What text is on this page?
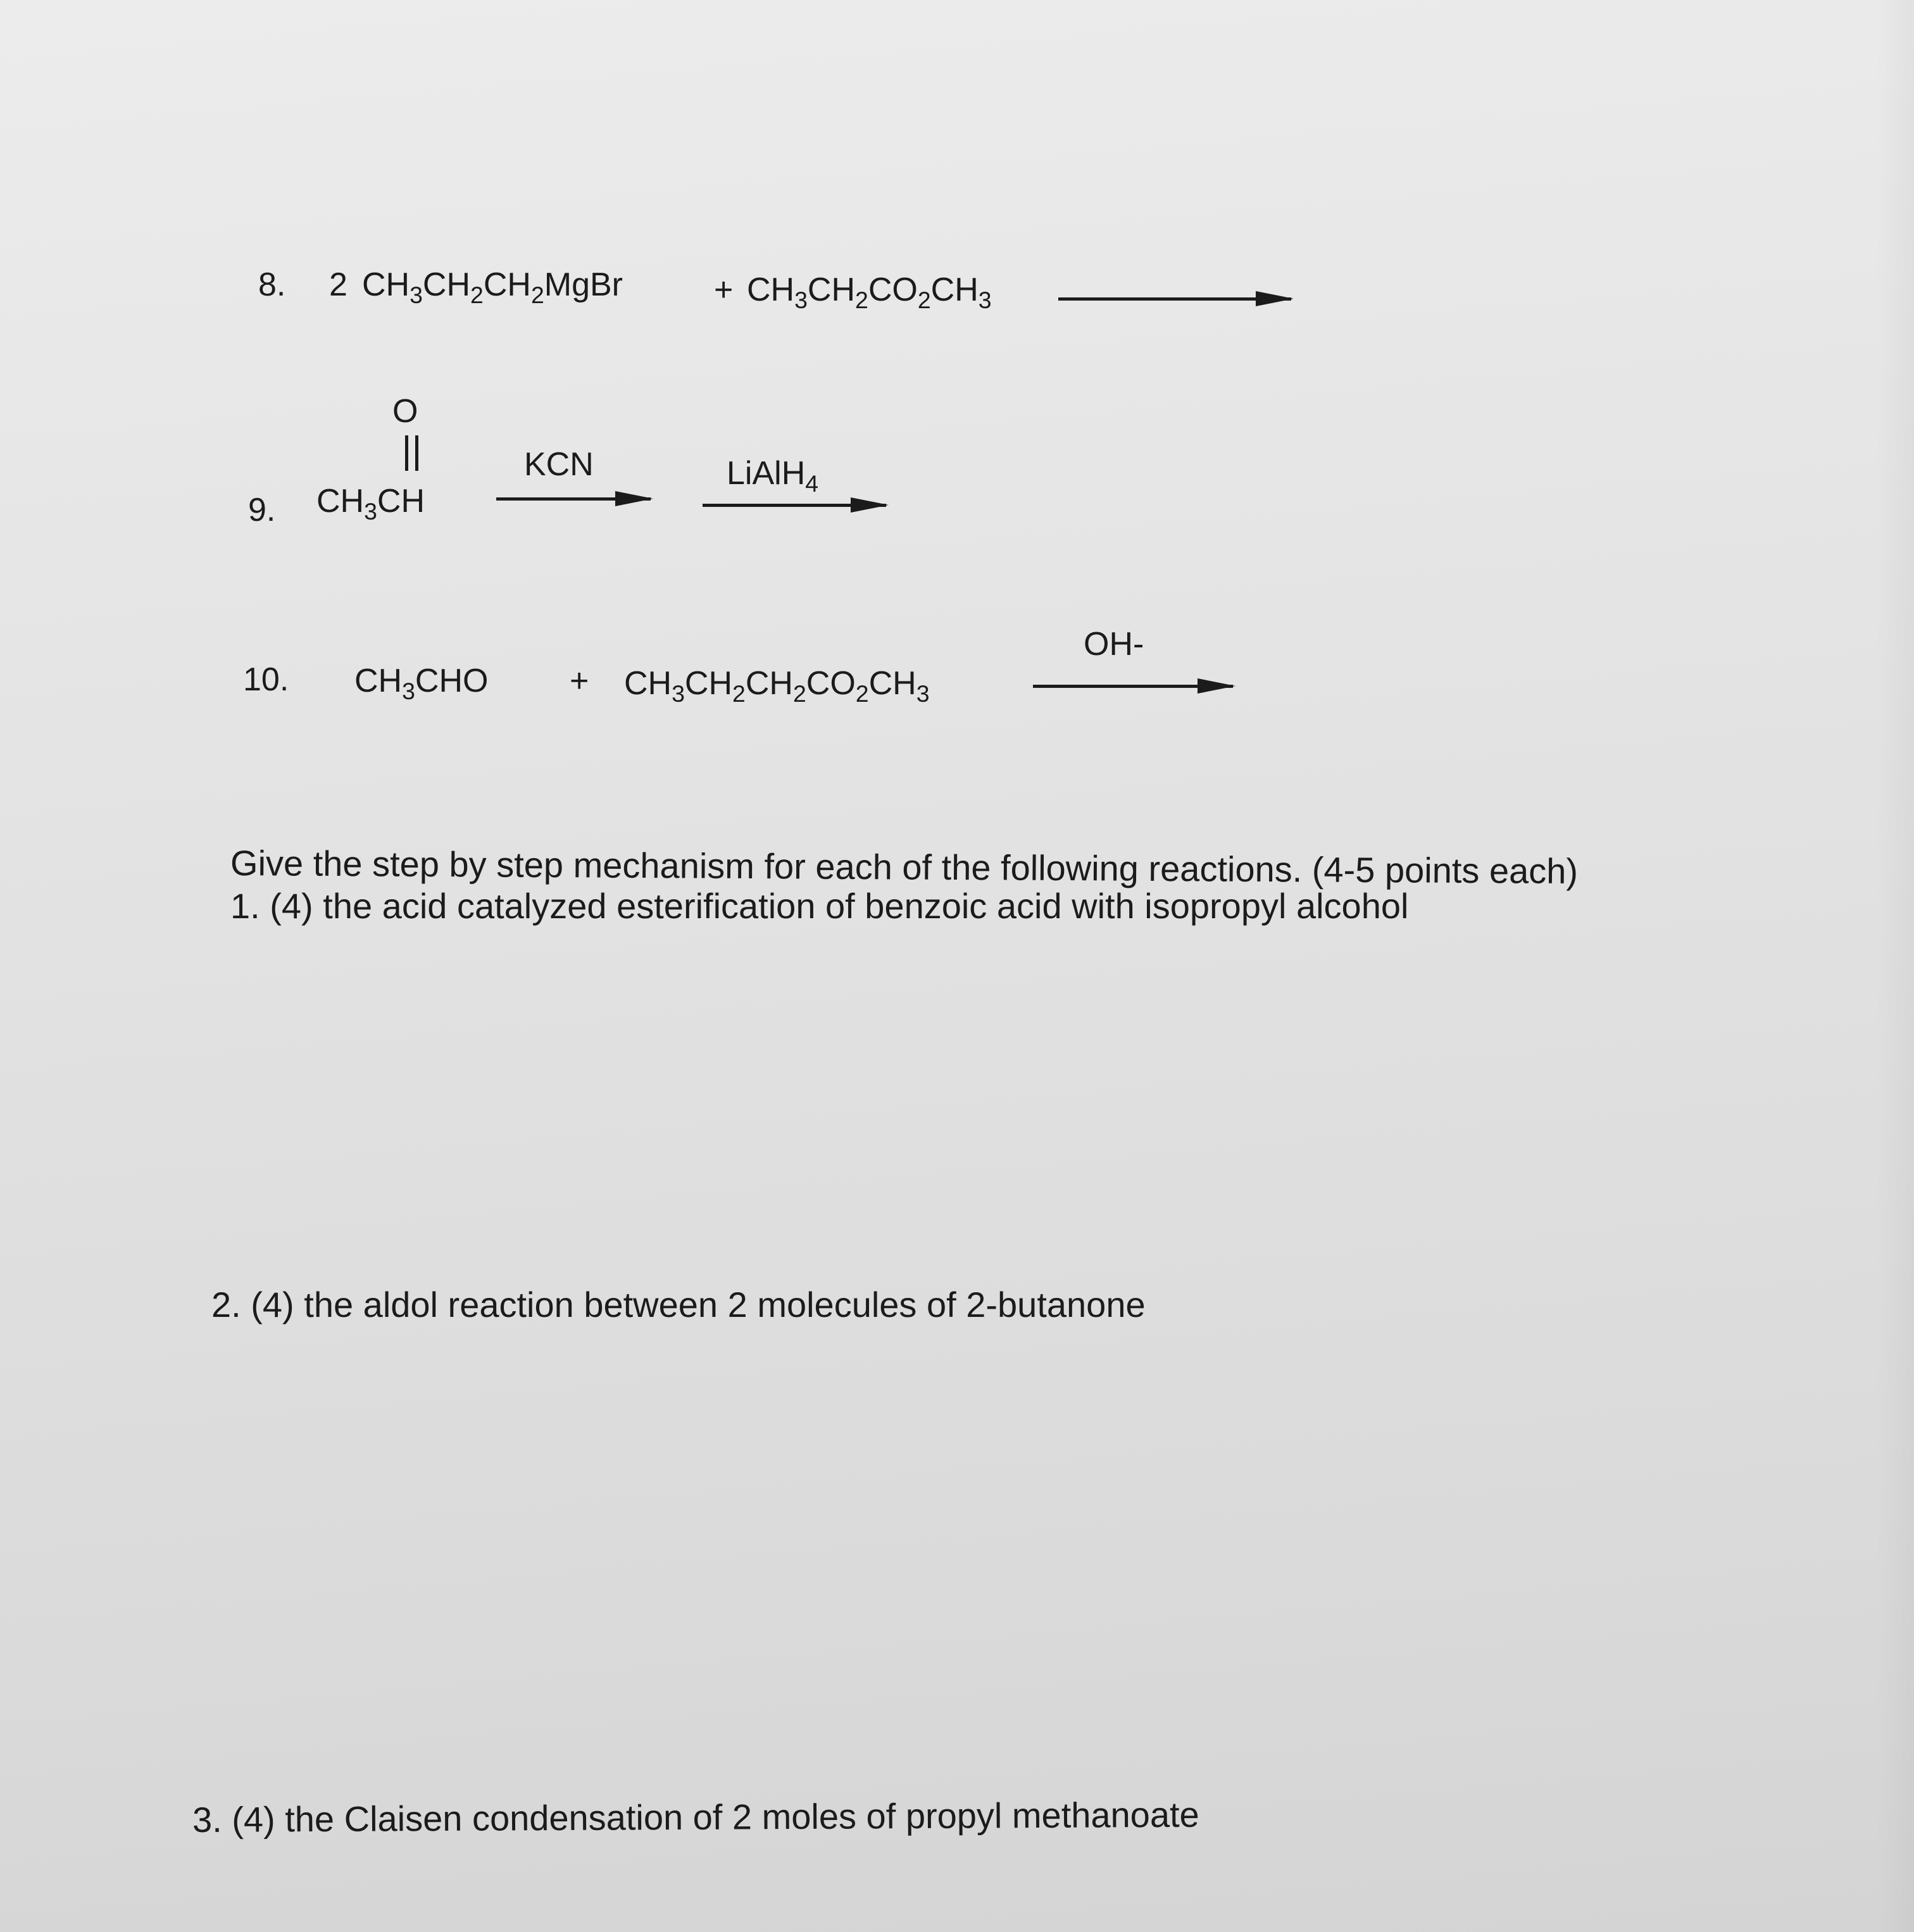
8. 2 $CH_3CH_2CH_2MgBr$	+ $CH_3CH_2CO_2CH_3$
O
9. $CH_3CH$
KCN	LiAlH$_4$
10. $CH_3CHO + CH_3CH_2CH_2CO_2CH_3$
OH-
Give the step by step mechanism for each of the following reactions. (4-5 points each)
1. (4) the acid catalyzed esterification of benzoic acid with isopropyl alcohol
2. (4) the aldol reaction between 2 molecules of 2-butanone
3. (4) the Claisen condensation of 2 moles of propyl methanoate
